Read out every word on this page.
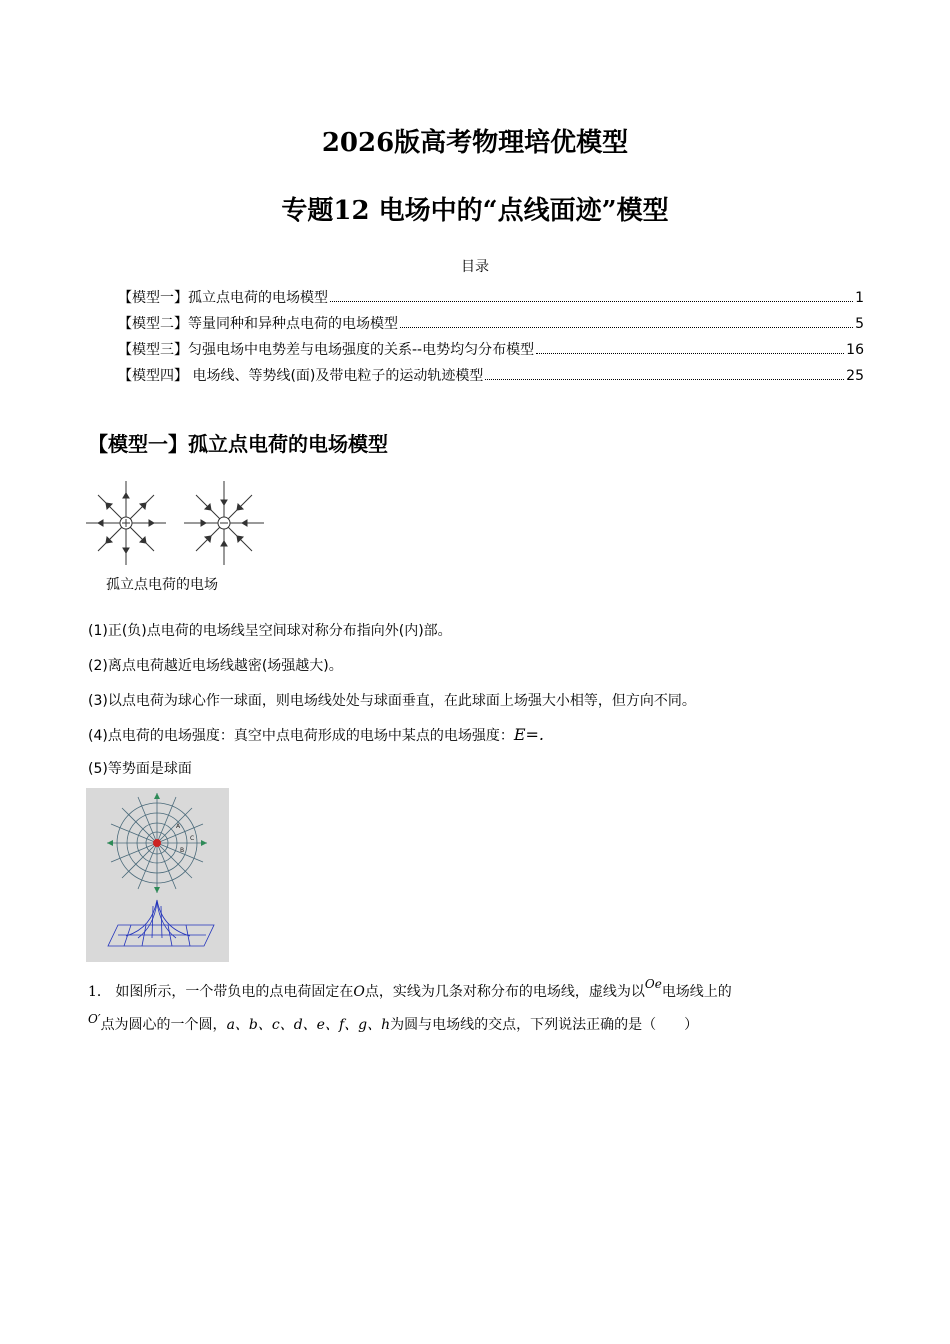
2026版高考物理培优模型
专题12 电场中的“点线面迹”模型
目录
【模型一】孤立点电荷的电场模型	1
【模型二】等量同种和异种点电荷的电场模型	5
【模型三】匀强电场中电势差与电场强度的关系--电势均匀分布模型	16
【模型四】 电场线、等势线(面)及带电粒子的运动轨迹模型	25
【模型一】孤立点电荷的电场模型
孤立点电荷的电场
(1)正(负)点电荷的电场线呈空间球对称分布指向外(内)部。
(2)离点电荷越近电场线越密(场强越大)。
(3)以点电荷为球心作一球面，则电场线处处与球面垂直，在此球面上场强大小相等，但方向不同。
(4)点电荷的电场强度：真空中点电荷形成的电场中某点的电场强度：E=.
(5)等势面是球面
A
C
B
1． 如图所示，一个带负电的点电荷固定在O点，实线为几条对称分布的电场线，虚线为以Oe电场线上的
O′点为圆心的一个圆，a、b、c、d、e、f、g、h为圆与电场线的交点，下列说法正确的是（　　）
